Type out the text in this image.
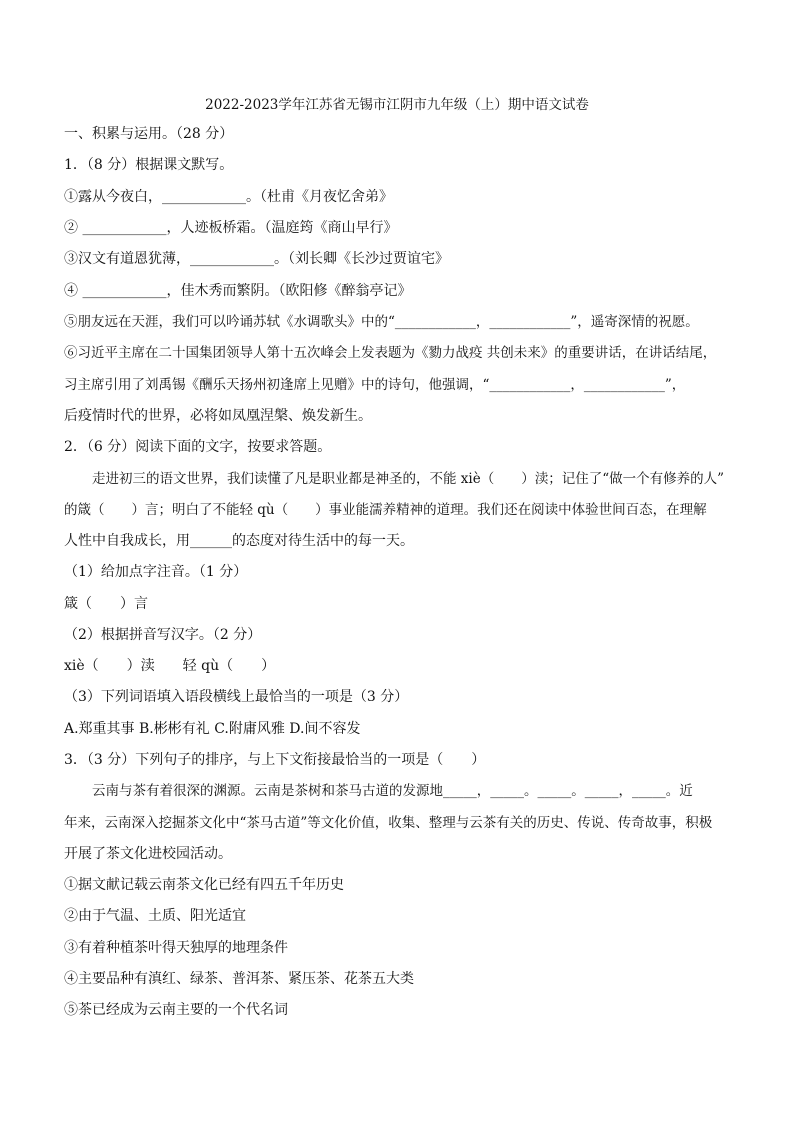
2022-2023学年江苏省无锡市江阴市九年级（上）期中语文试卷
一、积累与运用。（28 分）
1．（8 分）根据课文默写。
①露从今夜白，____________。（杜甫《月夜忆舍弟》
② ____________，人迹板桥霜。（温庭筠《商山早行》
③汉文有道恩犹薄，____________。（刘长卿《长沙过贾谊宅》
④ ____________，佳木秀而繁阴。（欧阳修《醉翁亭记》
⑤朋友远在天涯，我们可以吟诵苏轼《水调歌头》中的“____________，____________”，遥寄深情的祝愿。
⑥习近平主席在二十国集团领导人第十五次峰会上发表题为《勠力战疫 共创未来》的重要讲话，在讲话结尾，
习主席引用了刘禹锡《酬乐天扬州初逢席上见赠》中的诗句，他强调，“____________，____________”，
后疫情时代的世界，必将如凤凰涅槃、焕发新生。
2．（6 分）阅读下面的文字，按要求答题。
走进初三的语文世界，我们读懂了凡是职业都是神圣的，不能 xiè（　　）渎；记住了“做一个有修养的人”
的箴（　　）言；明白了不能轻 qù（　　）事业能濡养精神的道理。我们还在阅读中体验世间百态，在理解
人性中自我成长，用______的态度对待生活中的每一天。
（1）给加点字注音。（1 分）
箴（　　）言
（2）根据拼音写汉字。（2 分）
xiè（　　）渎　　轻 qù（　　）
（3）下列词语填入语段横线上最恰当的一项是（3 分）
A.郑重其事 B.彬彬有礼 C.附庸风雅 D.间不容发
3．（3 分）下列句子的排序，与上下文衔接最恰当的一项是（　　）
云南与茶有着很深的渊源。云南是茶树和茶马古道的发源地_____，_____。_____。_____，_____。近
年来，云南深入挖掘茶文化中“茶马古道”等文化价值，收集、整理与云茶有关的历史、传说、传奇故事，积极
开展了茶文化进校园活动。
①据文献记载云南茶文化已经有四五千年历史
②由于气温、土质、阳光适宜
③有着种植茶叶得天独厚的地理条件
④主要品种有滇红、绿茶、普洱茶、紧压茶、花茶五大类
⑤茶已经成为云南主要的一个代名词
